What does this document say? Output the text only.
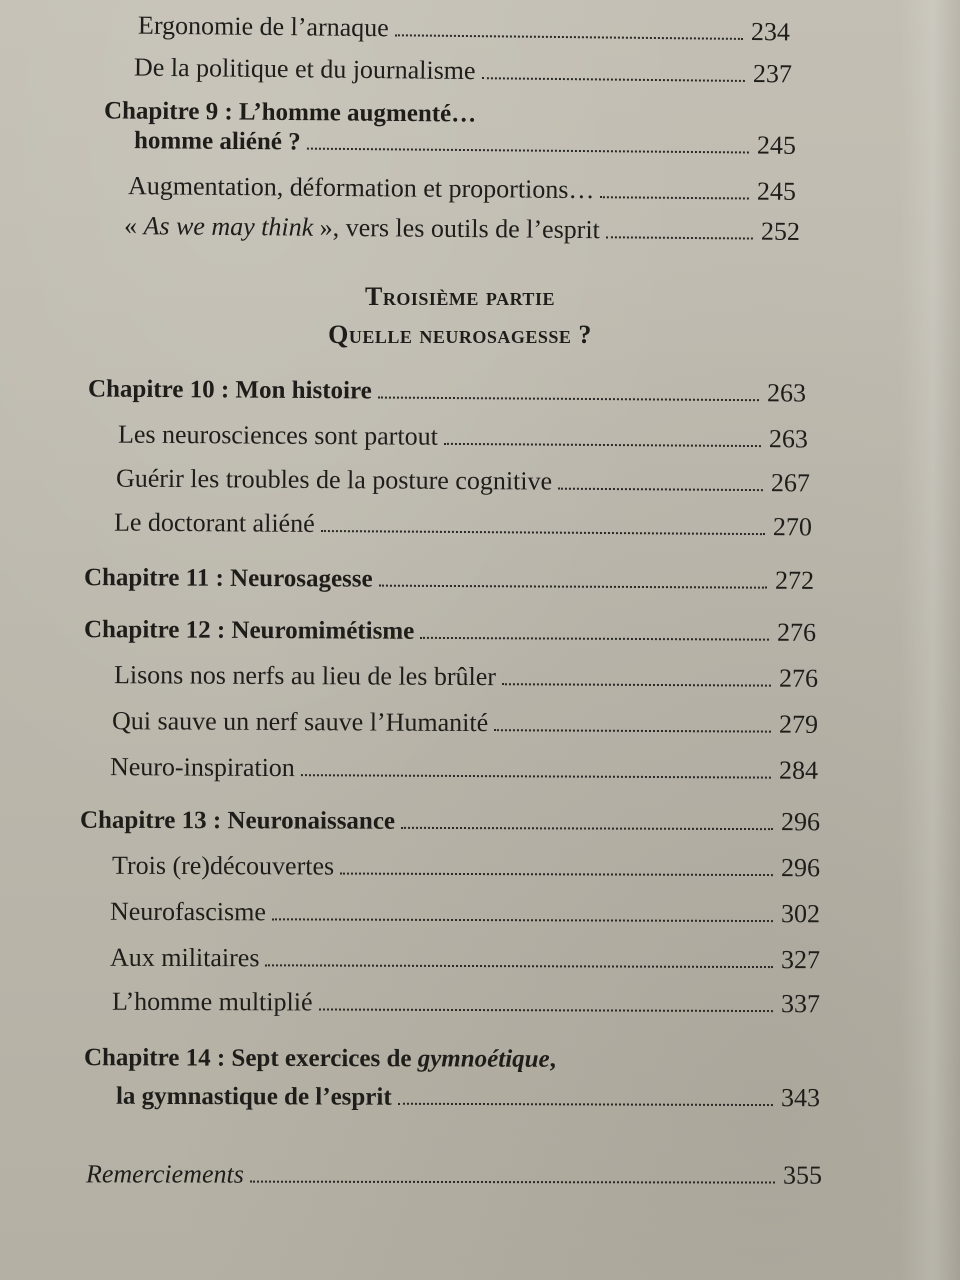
Ergonomie de l’arnaque	234
De la politique et du journalisme	237
Chapitre 9 : L’homme augmenté…
homme aliéné ?	245
Augmentation, déformation et proportions…	245
« As we may think », vers les outils de l’esprit	252
Troisième partie
Quelle neurosagesse ?
Chapitre 10 : Mon histoire	263
Les neurosciences sont partout	263
Guérir les troubles de la posture cognitive	267
Le doctorant aliéné	270
Chapitre 11 : Neurosagesse	272
Chapitre 12 : Neuromimétisme	276
Lisons nos nerfs au lieu de les brûler	276
Qui sauve un nerf sauve l’Humanité	279
Neuro-inspiration	284
Chapitre 13 : Neuronaissance	296
Trois (re)découvertes	296
Neurofascisme	302
Aux militaires	327
L’homme multiplié	337
Chapitre 14 : Sept exercices de gymnoétique,
la gymnastique de l’esprit	343
Remerciements	355
